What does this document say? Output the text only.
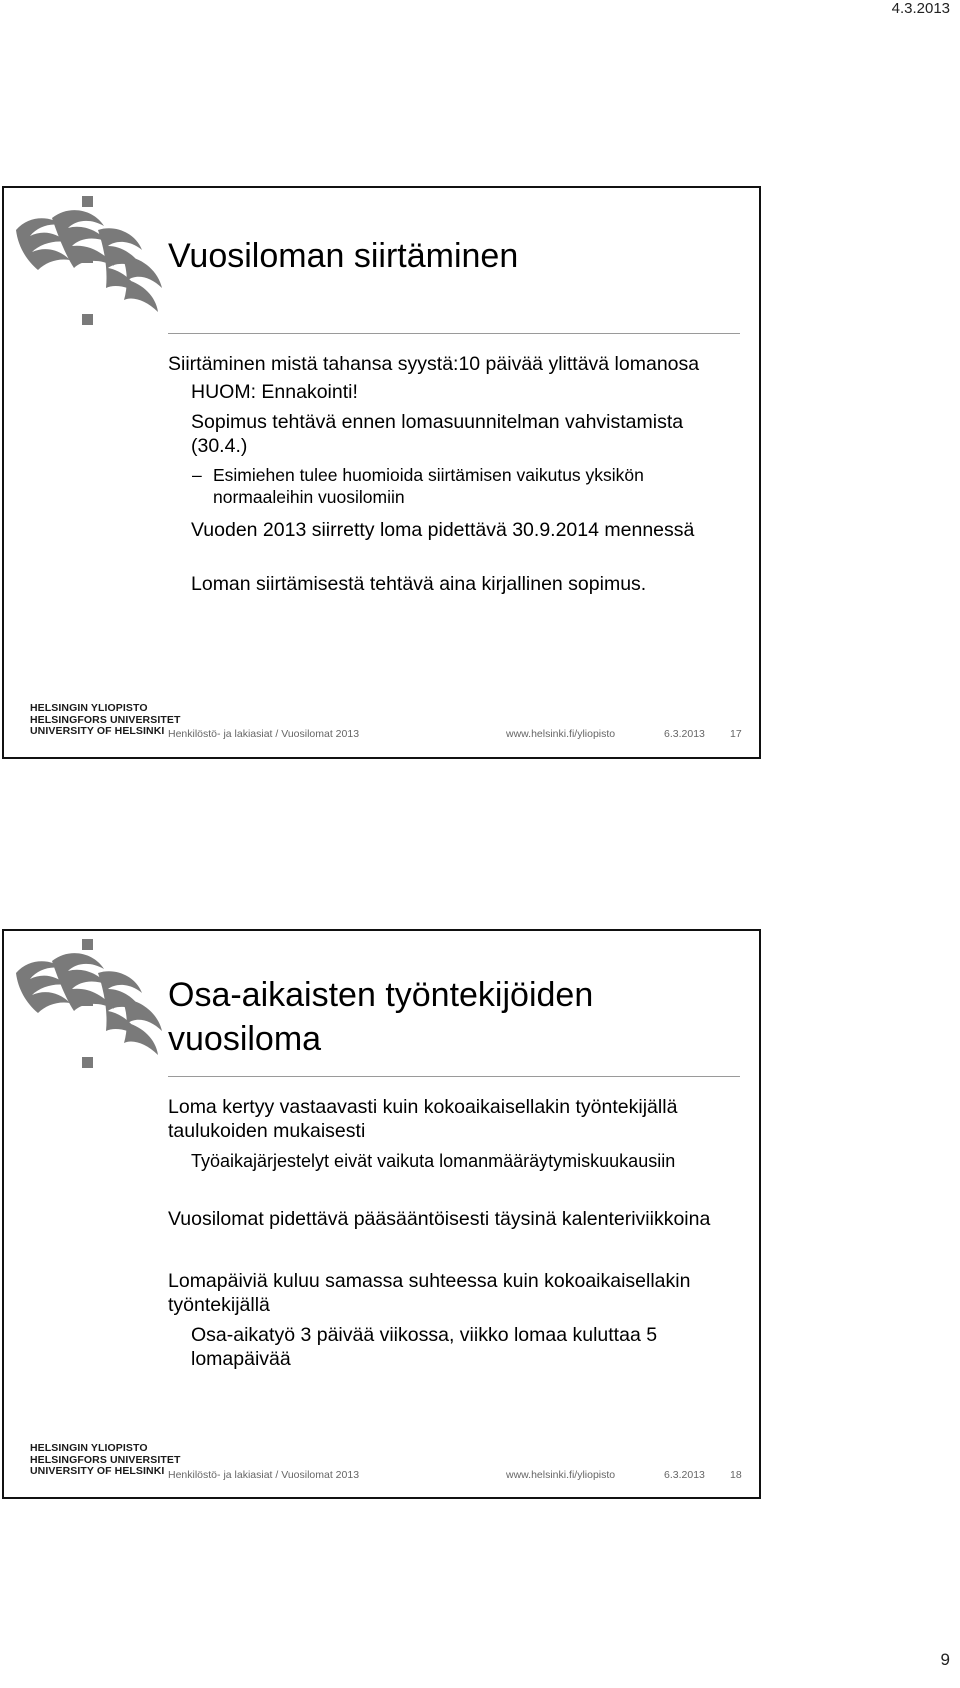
4.3.2013
Vuosiloman siirtäminen

Siirtäminen mistä tahansa syystä:10 päivää ylittävä lomanosa

HUOM: Ennakointi!

Sopimus tehtävä ennen lomasuunnitelman vahvistamista (30.4.)

– Esimiehen tulee huomioida siirtämisen vaikutus yksikön normaaleihin vuosilomiin

Vuoden 2013 siirretty loma pidettävä 30.9.2014 mennessä

Loman siirtämisestä tehtävä aina kirjallinen sopimus.

HELSINGIN YLIOPISTO
HELSINGFORS UNIVERSITET
UNIVERSITY OF HELSINKI Henkilöstö- ja lakiasiat / Vuosilomat 2013	www.helsinki.fi/yliopisto	6.3.2013 17
Osa-aikaisten työntekijöiden vuosiloma

Loma kertyy vastaavasti kuin kokoaikaisellakin työntekijällä taulukoiden mukaisesti

Työaikajärjestelyt eivät vaikuta lomanmääräytymiskuukausiin

Vuosilomat pidettävä pääsääntöisesti täysinä kalenteriviikkoina

Lomapäiviä kuluu samassa suhteessa kuin kokoaikaisellakin työntekijällä

Osa-aikatyö 3 päivää viikossa, viikko lomaa kuluttaa 5 lomapäivää

HELSINGIN YLIOPISTO
HELSINGFORS UNIVERSITET
UNIVERSITY OF HELSINKI Henkilöstö- ja lakiasiat / Vuosilomat 2013	www.helsinki.fi/yliopisto	6.3.2013 18
9
